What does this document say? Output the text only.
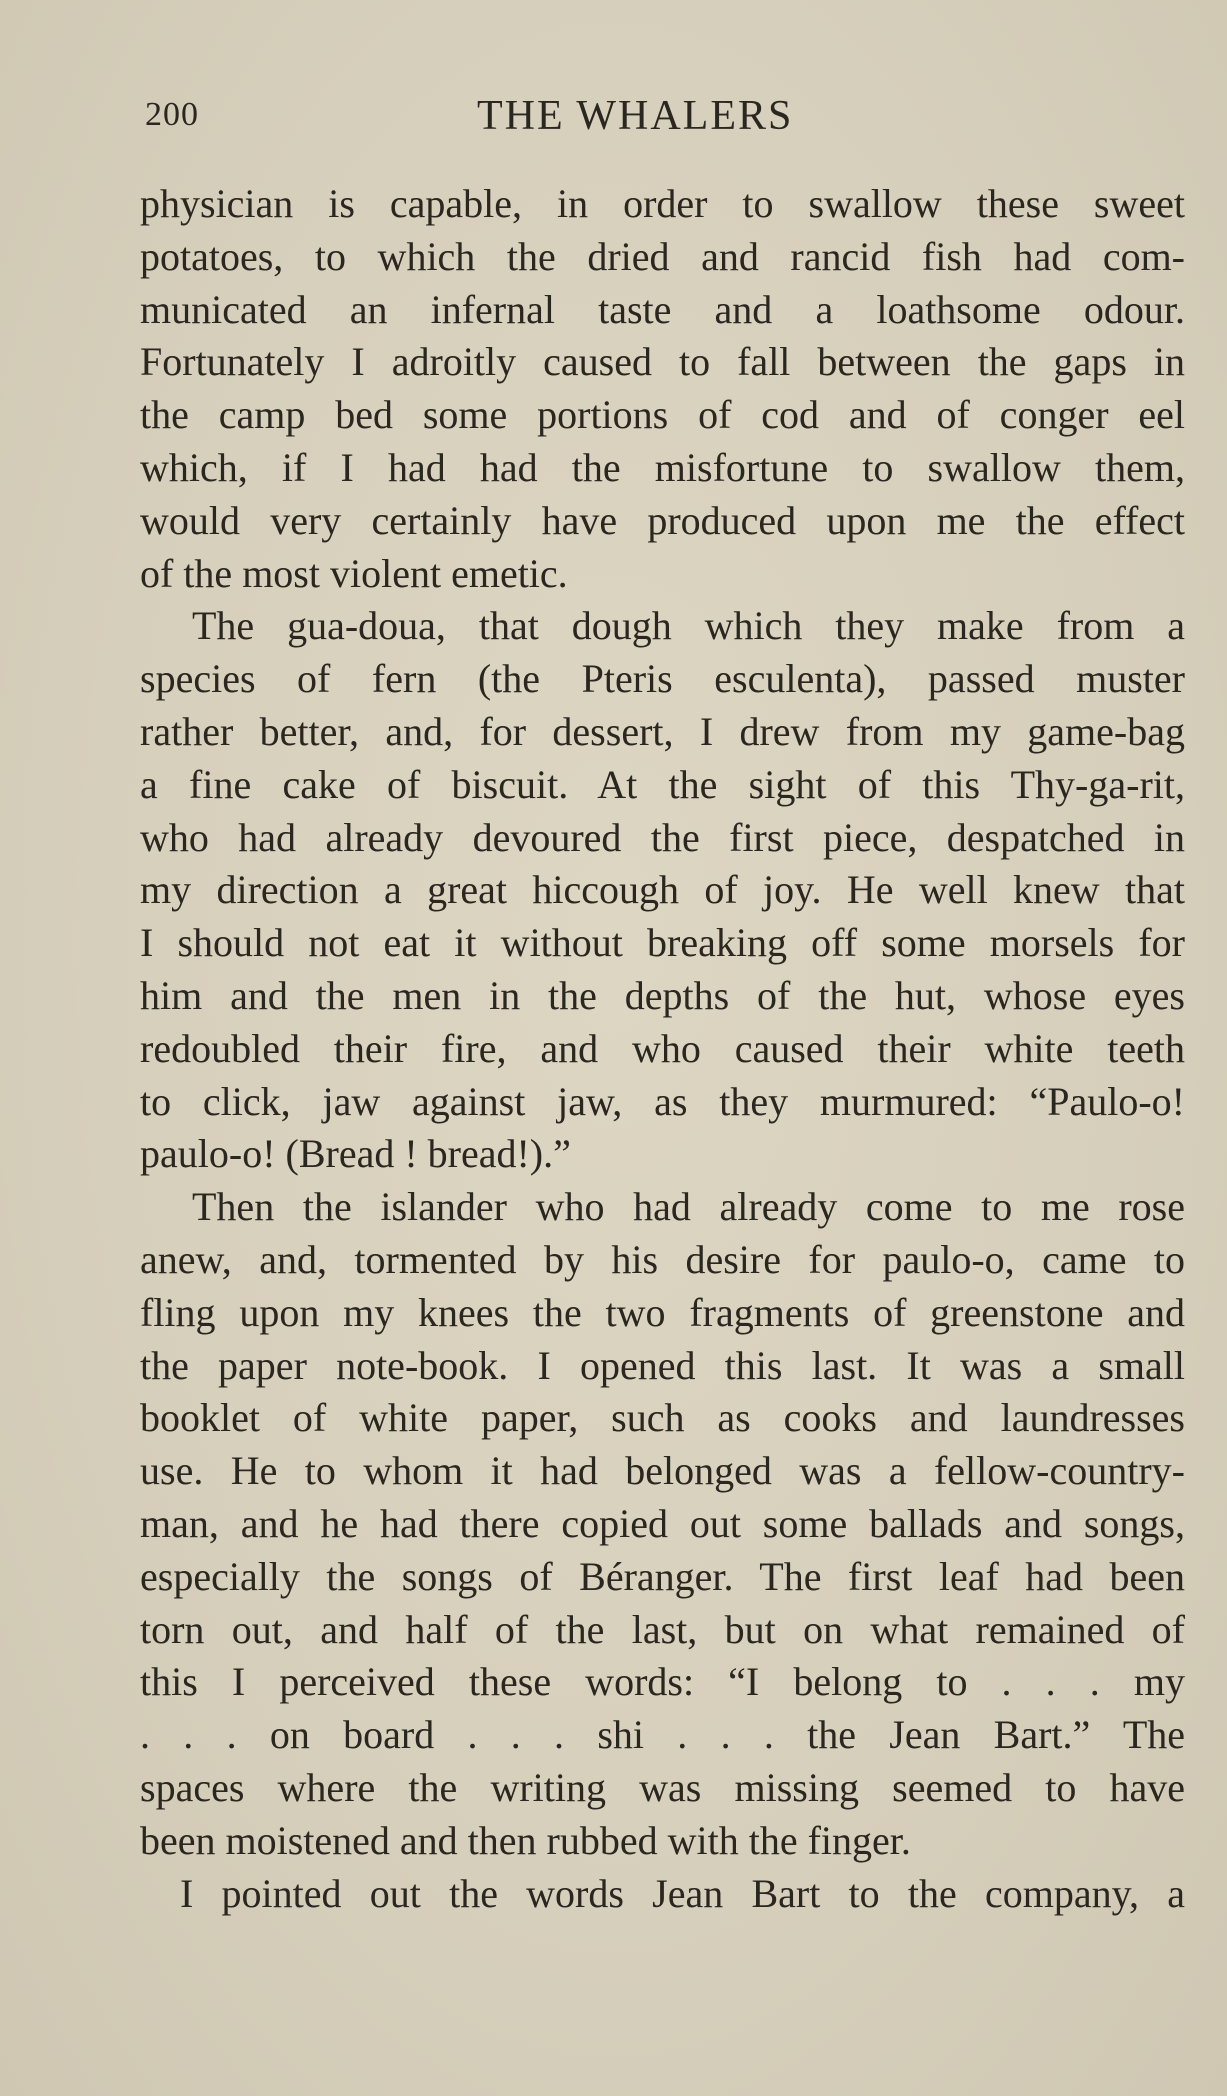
200	THE WHALERS
physician is capable, in order to swallow these sweet
potatoes, to which the dried and rancid fish had com-
municated an infernal taste and a loathsome odour.
Fortunately I adroitly caused to fall between the gaps in
the camp bed some portions of cod and of conger eel
which, if I had had the misfortune to swallow them,
would very certainly have produced upon me the effect
of the most violent emetic.
The gua-doua, that dough which they make from a
species of fern (the Pteris esculenta), passed muster
rather better, and, for dessert, I drew from my game-bag
a fine cake of biscuit. At the sight of this Thy-ga-rit,
who had already devoured the first piece, despatched in
my direction a great hiccough of joy. He well knew that
I should not eat it without breaking off some morsels for
him and the men in the depths of the hut, whose eyes
redoubled their fire, and who caused their white teeth
to click, jaw against jaw, as they murmured: “Paulo-o!
paulo-o! (Bread ! bread!).”
Then the islander who had already come to me rose
anew, and, tormented by his desire for paulo-o, came to
fling upon my knees the two fragments of greenstone and
the paper note-book. I opened this last. It was a small
booklet of white paper, such as cooks and laundresses
use. He to whom it had belonged was a fellow-country-
man, and he had there copied out some ballads and songs,
especially the songs of Béranger. The first leaf had been
torn out, and half of the last, but on what remained of
this I perceived these words: “I belong to . . . my
. . . on board . . . shi . . . the Jean Bart.” The
spaces where the writing was missing seemed to have
been moistened and then rubbed with the finger.
I pointed out the words Jean Bart to the company, a
